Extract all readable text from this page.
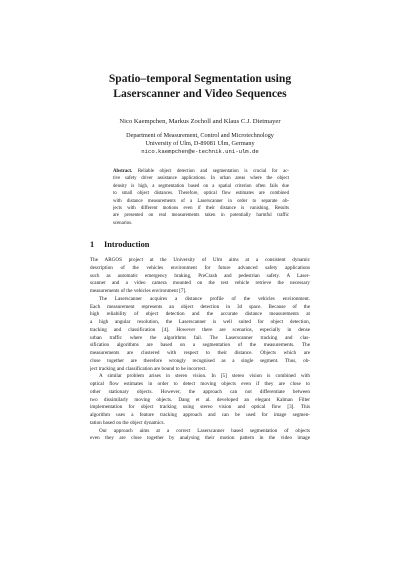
Spatio–temporal Segmentation using
Laserscanner and Video Sequences
Nico Kaempchen, Markus Zocholl and Klaus C.J. Dietmayer
Department of Measurement, Control and Microtechnology
University of Ulm, D-89081 Ulm, Germany
nico.kaempchen@e-technik.uni-ulm.de
Abstract. Reliable object detection and segmentation is crucial for ac-
tive safety driver assistance applications. In urban areas where the object
density is high, a segmentation based on a spatial criterion often fails due
to small object distances. Therefore, optical flow estimates are combined
with distance measurements of a Laserscanner in order to separate ob-
jects with different motions even if their distance is vanishing. Results
are presented on real measurements taken in potentially harmful traffic
scenarios.
1 Introduction
The ARGOS project at the University of Ulm aims at a consistent dynamic
description of the vehicles environment for future advanced safety applications
such as automatic emergency braking, PreCrash and pedestrian safety. A Laser-
scanner and a video camera mounted on the test vehicle retrieve the necessary
measurements of the vehicles environment [7].
The Laserscanner acquires a distance profile of the vehicles environment.
Each measurement represents an object detection in 3d space. Because of the
high reliability of object detection and the accurate distance measurements at
a high angular resolution, the Laserscanner is well suited for object detection,
tracking and classification [4]. However there are scenarios, especially in dense
urban traffic where the algorithms fail. The Laserscanner tracking and clas-
sification algorithms are based on a segmentation of the measurements. The
measurements are clustered with respect to their distance. Objects which are
close together are therefore wrongly recognised as a single segment. Thus, ob-
ject tracking and classification are bound to be incorrect.
A similar problem arises in stereo vision. In [5] stereo vision is combined with
optical flow estimates in order to detect moving objects even if they are close to
other stationary objects. However, the approach can not differentiate between
two dissimilarly moving objects. Dang et al. developed an elegant Kalman Filter
implementation for object tracking using stereo vision and optical flow [3]. This
algorithm uses a feature tracking approach and can be used for image segmen-
tation based on the object dynamics.
Our approach aims at a correct Laserscanner based segmentation of objects
even they are close together by analysing their motion pattern in the video image
